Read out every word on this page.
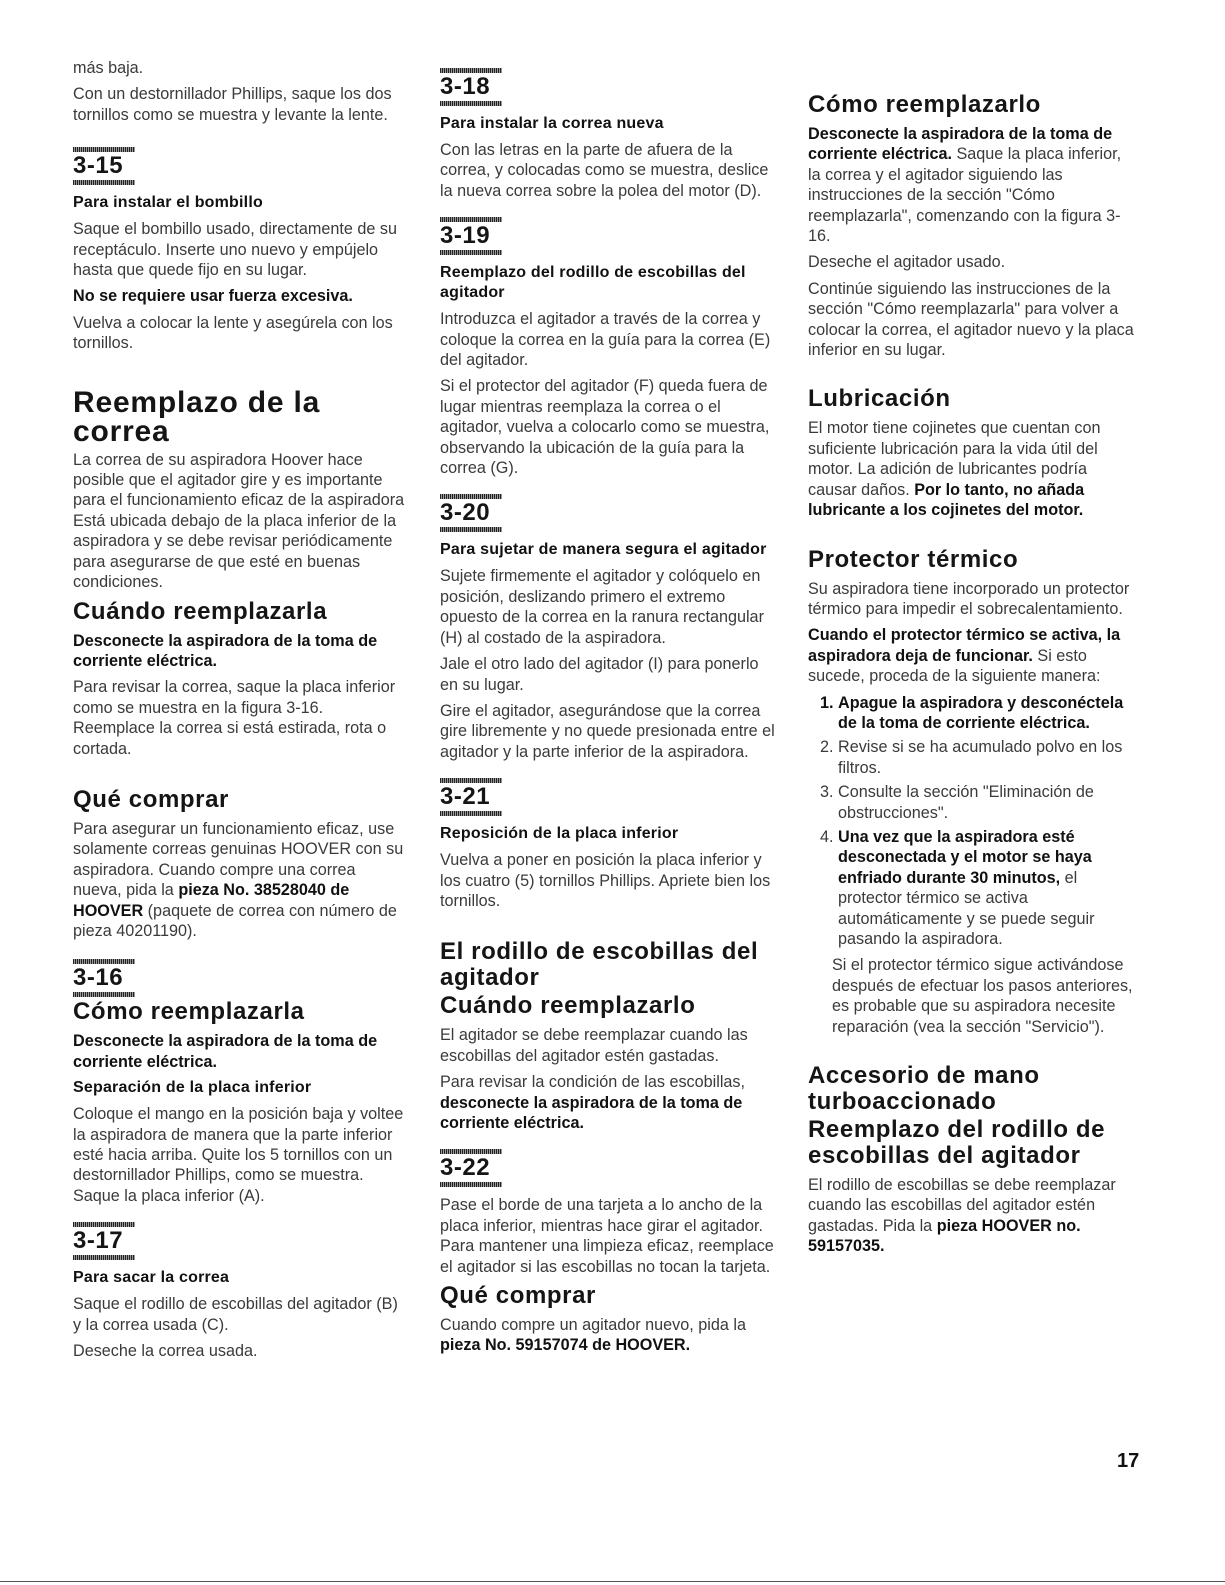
más baja.

Con un destornillador Phillips, saque los dos tornillos como se muestra y levante la lente.

3-15
Para instalar el bombillo

Saque el bombillo usado, directamente de su receptáculo. Inserte uno nuevo y empújelo hasta que quede fijo en su lugar.

No se requiere usar fuerza excesiva.

Vuelva a colocar la lente y asegúrela con los tornillos.

Reemplazo de la correa

La correa de su aspiradora Hoover hace posible que el agitador gire y es importante para el funcionamiento eficaz de la aspiradora Está ubicada debajo de la placa inferior de la aspiradora y se debe revisar periódicamente para asegurarse de que esté en buenas condiciones.

Cuándo reemplazarla

Desconecte la aspiradora de la toma de corriente eléctrica.

Para revisar la correa, saque la placa inferior como se muestra en la figura 3-16. Reemplace la correa si está estirada, rota o cortada.

Qué comprar

Para asegurar un funcionamiento eficaz, use solamente correas genuinas HOOVER con su aspiradora. Cuando compre una correa nueva, pida la pieza No. 38528040 de HOOVER (paquete de correa con número de pieza 40201190).

3-16
Cómo reemplazarla

Desconecte la aspiradora de la toma de corriente eléctrica.

Separación de la placa inferior

Coloque el mango en la posición baja y voltee la aspiradora de manera que la parte inferior esté hacia arriba. Quite los 5 tornillos con un destornillador Phillips, como se muestra. Saque la placa inferior (A).

3-17
Para sacar la correa

Saque el rodillo de escobillas del agitador (B) y la correa usada (C).

Deseche la correa usada.

3-18
Para instalar la correa nueva

Con las letras en la parte de afuera de la correa, y colocadas como se muestra, deslice la nueva correa sobre la polea del motor (D).

3-19
Reemplazo del rodillo de escobillas del agitador

Introduzca el agitador a través de la correa y coloque la correa en la guía para la correa (E) del agitador.

Si el protector del agitador (F) queda fuera de lugar mientras reemplaza la correa o el agitador, vuelva a colocarlo como se muestra, observando la ubicación de la guía para la correa (G).

3-20
Para sujetar de manera segura el agitador

Sujete firmemente el agitador y colóquelo en posición, deslizando primero el extremo opuesto de la correa en la ranura rectangular (H) al costado de la aspiradora.

Jale el otro lado del agitador (I) para ponerlo en su lugar.

Gire el agitador, asegurándose que la correa gire libremente y no quede presionada entre el agitador y la parte inferior de la aspiradora.

3-21
Reposición de la placa inferior

Vuelva a poner en posición la placa inferior y los cuatro (5) tornillos Phillips. Apriete bien los tornillos.

El rodillo de escobillas del agitador
Cuándo reemplazarlo

El agitador se debe reemplazar cuando las escobillas del agitador estén gastadas.

Para revisar la condición de las escobillas, desconecte la aspiradora de la toma de corriente eléctrica.

3-22

Pase el borde de una tarjeta a lo ancho de la placa inferior, mientras hace girar el agitador. Para mantener una limpieza eficaz, reemplace el agitador si las escobillas no tocan la tarjeta.

Qué comprar

Cuando compre un agitador nuevo, pida la pieza No. 59157074 de HOOVER.

Cómo reemplazarlo

Desconecte la aspiradora de la toma de corriente eléctrica. Saque la placa inferior, la correa y el agitador siguiendo las instrucciones de la sección "Cómo reemplazarla", comenzando con la figura 3-16.

Deseche el agitador usado.

Continúe siguiendo las instrucciones de la sección "Cómo reemplazarla" para volver a colocar la correa, el agitador nuevo y la placa inferior en su lugar.

Lubricación

El motor tiene cojinetes que cuentan con suficiente lubricación para la vida útil del motor. La adición de lubricantes podría causar daños. Por lo tanto, no añada lubricante a los cojinetes del motor.

Protector térmico

Su aspiradora tiene incorporado un protector térmico para impedir el sobrecalentamiento.

Cuando el protector térmico se activa, la aspiradora deja de funcionar. Si esto sucede, proceda de la siguiente manera:

1. Apague la aspiradora y desconéctela de la toma de corriente eléctrica.
2. Revise si se ha acumulado polvo en los filtros.
3. Consulte la sección "Eliminación de obstrucciones".
4. Una vez que la aspiradora esté desconectada y el motor se haya enfriado durante 30 minutos, el protector térmico se activa automáticamente y se puede seguir pasando la aspiradora.

Si el protector térmico sigue activándose después de efectuar los pasos anteriores, es probable que su aspiradora necesite reparación (vea la sección "Servicio").

Accesorio de mano turboaccionado
Reemplazo del rodillo de escobillas del agitador

El rodillo de escobillas se debe reemplazar cuando las escobillas del agitador estén gastadas. Pida la pieza HOOVER no. 59157035.

17
